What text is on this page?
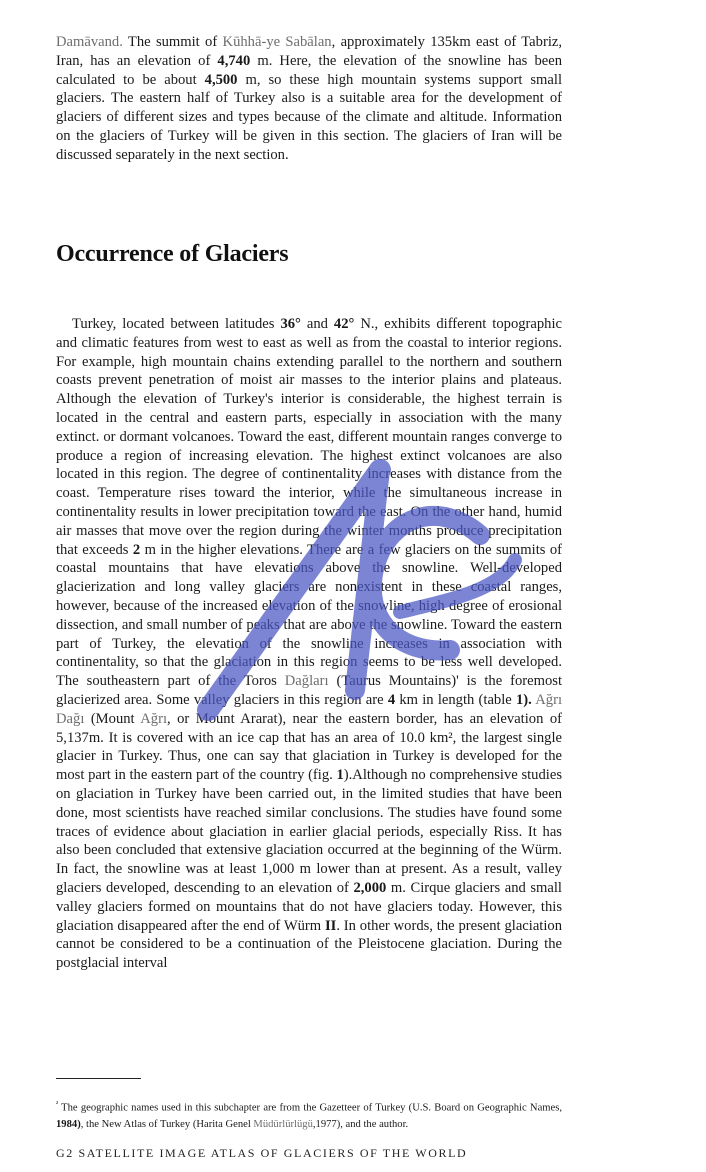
Damāvand. The summit of Kūhhā-ye Sabālan, approximately 135km east of Tabriz, Iran, has an elevation of 4,740 m. Here, the elevation of the snowline has been calculated to be about 4,500 m, so these high mountain systems support small glaciers. The eastern half of Turkey also is a suitable area for the development of glaciers of different sizes and types because of the climate and altitude. Information on the glaciers of Turkey will be given in this section. The glaciers of Iran will be discussed separately in the next section.

Occurrence of Glaciers

Turkey, located between latitudes 36° and 42° N., exhibits different topographic and climatic features from west to east as well as from the coastal to interior regions. For example, high mountain chains extending parallel to the northern and southern coasts prevent penetration of moist air masses to the interior plains and plateaus. Although the elevation of Turkey's interior is considerable, the highest terrain is located in the central and eastern parts, especially in association with the many extinct. or dormant volcanoes. Toward the east, different mountain ranges converge to produce a region of increasing elevation. The highest extinct volcanoes are also located in this region. The degree of continentality increases with distance from the coast. Temperature rises toward the interior, while the simultaneous increase in continentality results in lower precipitation toward the east. On the other hand, humid air masses that move over the region during the winter months produce precipitation that exceeds 2 m in the higher elevations. There are a few glaciers on the summits of coastal mountains that have elevations above the snowline. Well-developed glacierization and long valley glaciers are nonexistent in these coastal ranges, however, because of the increased elevation of the snowline, high degree of erosional dissection, and small number of peaks that are above the snowline. Toward the eastern part of Turkey, the elevation of the snowline increases in association with continentality, so that the glaciation in this region seems to be less well developed. The southeastern part of the Toros Dağları (Taurus Mountains)' is the foremost glacierized area. Some valley glaciers in this region are 4 km in length (table 1). Ağrı Dağı (Mount Ağrı, or Mount Ararat), near the eastern border, has an elevation of 5,137m. It is covered with an ice cap that has an area of 10.0 km², the largest single glacier in Turkey. Thus, one can say that glaciation in Turkey is developed for the most part in the eastern part of the country (fig. 1).Although no comprehensive studies on glaciation in Turkey have been carried out, in the limited studies that have been done, most scientists have reached similar conclusions. The studies have found some traces of evidence about glaciation in earlier glacial periods, especially Riss. It has also been concluded that extensive glaciation occurred at the beginning of the Würm. In fact, the snowline was at least 1,000 m lower than at present. As a result, valley glaciers developed, descending to an elevation of 2,000 m. Cirque glaciers and small valley glaciers formed on mountains that do not have glaciers today. However, this glaciation disappeared after the end of Würm II. In other words, the present glaciation cannot be considered to be a continuation of the Pleistocene glaciation. During the postglacial interval

$^{^2}$ The geographic names used in this subchapter are from the Gazetteer of Turkey (U.S. Board on Geographic Names, 1984), the New Atlas of Turkey (Harita Genel Müdürlürlügü,1977), and the author.

G2 SATELLITE IMAGE ATLAS OF GLACIERS OF THE WORLD
